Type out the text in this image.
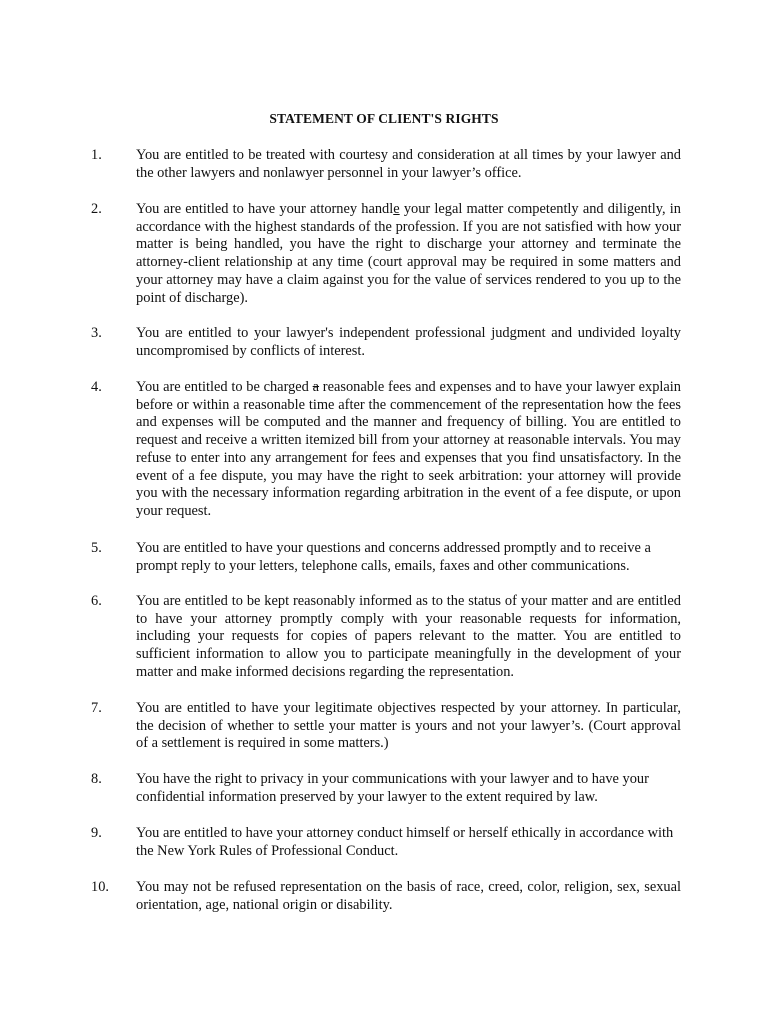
STATEMENT OF CLIENT'S RIGHTS
1.	You are entitled to be treated with courtesy and consideration at all times by your lawyer and the other lawyers and nonlawyer personnel in your lawyer’s office.
2.	You are entitled to have your attorney handle your legal matter competently and diligently, in accordance with the highest standards of the profession. If you are not satisfied with how your matter is being handled, you have the right to discharge your attorney and terminate the attorney-client relationship at any time (court approval may be required in some matters and your attorney may have a claim against you for the value of services rendered to you up to the point of discharge).
3.	You are entitled to your lawyer's independent professional judgment and undivided loyalty uncompromised by conflicts of interest.
4.	You are entitled to be charged a reasonable fees and expenses and to have your lawyer explain before or within a reasonable time after the commencement of the representation how the fees and expenses will be computed and the manner and frequency of billing. You are entitled to request and receive a written itemized bill from your attorney at reasonable intervals. You may refuse to enter into any arrangement for fees and expenses that you find unsatisfactory. In the event of a fee dispute, you may have the right to seek arbitration: your attorney will provide you with the necessary information regarding arbitration in the event of a fee dispute, or upon your request.
5.	You are entitled to have your questions and concerns addressed promptly and to receive a prompt reply to your letters, telephone calls, emails, faxes and other communications.
6.	You are entitled to be kept reasonably informed as to the status of your matter and are entitled to have your attorney promptly comply with your reasonable requests for information, including your requests for copies of papers relevant to the matter. You are entitled to sufficient information to allow you to participate meaningfully in the development of your matter and make informed decisions regarding the representation.
7.	You are entitled to have your legitimate objectives respected by your attorney. In particular, the decision of whether to settle your matter is yours and not your lawyer’s. (Court approval of a settlement is required in some matters.)
8.	You have the right to privacy in your communications with your lawyer and to have your confidential information preserved by your lawyer to the extent required by law.
9.	You are entitled to have your attorney conduct himself or herself ethically in accordance with the New York Rules of Professional Conduct.
10.	You may not be refused representation on the basis of race, creed, color, religion, sex, sexual orientation, age, national origin or disability.
